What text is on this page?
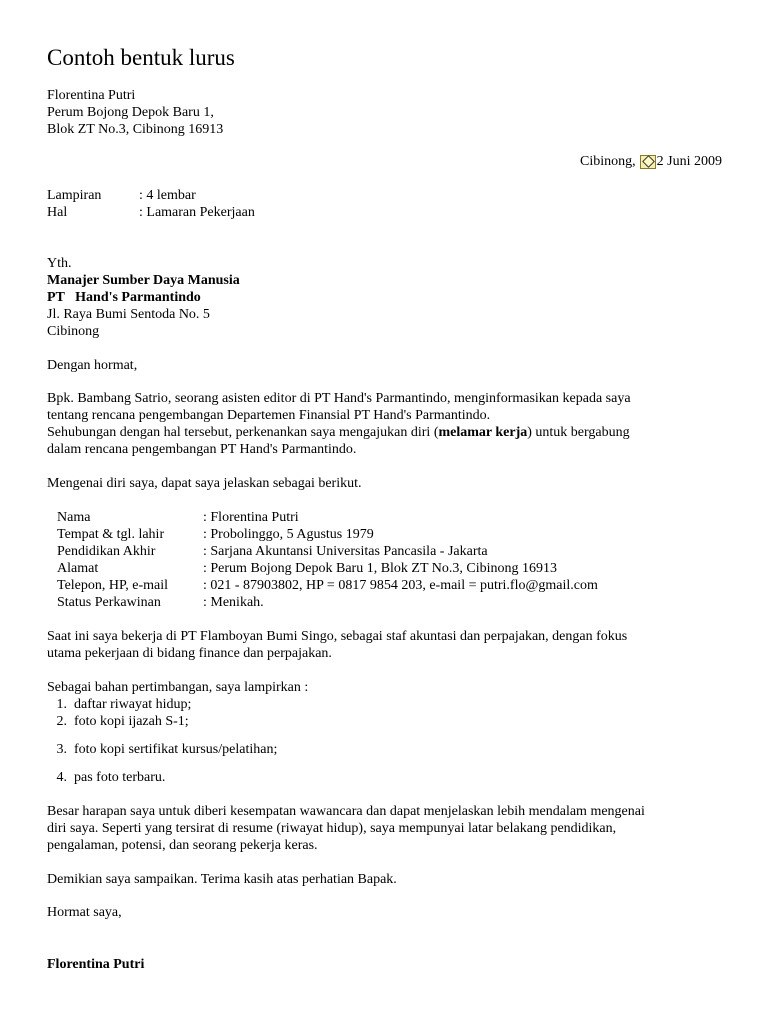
Contoh bentuk lurus
Florentina Putri
Perum Bojong Depok Baru 1,
Blok ZT No.3, Cibinong 16913
Cibinong, 2 Juni 2009
Lampiran	: 4 lembar
Hal	: Lamaran Pekerjaan
Yth.
Manajer Sumber Daya Manusia
PT   Hand's Parmantindo
Jl. Raya Bumi Sentoda No. 5
Cibinong
Dengan hormat,
Bpk. Bambang Satrio, seorang asisten editor di PT Hand's Parmantindo, menginformasikan kepada saya
tentang rencana pengembangan Departemen Finansial PT Hand's Parmantindo.
Sehubungan dengan hal tersebut, perkenankan saya mengajukan diri (melamar kerja) untuk bergabung
dalam rencana pengembangan PT Hand's Parmantindo.
Mengenai diri saya, dapat saya jelaskan sebagai berikut.
Nama	: Florentina Putri
Tempat & tgl. lahir	: Probolinggo, 5 Agustus 1979
Pendidikan Akhir	: Sarjana Akuntansi Universitas Pancasila - Jakarta
Alamat	: Perum Bojong Depok Baru 1, Blok ZT No.3, Cibinong 16913
Telepon, HP, e-mail	: 021 - 87903802, HP = 0817 9854 203, e-mail = putri.flo@gmail.com
Status Perkawinan	: Menikah.
Saat ini saya bekerja di PT Flamboyan Bumi Singo, sebagai staf akuntasi dan perpajakan, dengan fokus
utama pekerjaan di bidang finance dan perpajakan.
Sebagai bahan pertimbangan, saya lampirkan :
1. daftar riwayat hidup;
2. foto kopi ijazah S-1;
3. foto kopi sertifikat kursus/pelatihan;
4. pas foto terbaru.
Besar harapan saya untuk diberi kesempatan wawancara dan dapat menjelaskan lebih mendalam mengenai
diri saya. Seperti yang tersirat di resume (riwayat hidup), saya mempunyai latar belakang pendidikan,
pengalaman, potensi, dan seorang pekerja keras.
Demikian saya sampaikan. Terima kasih atas perhatian Bapak.
Hormat saya,
Florentina Putri
